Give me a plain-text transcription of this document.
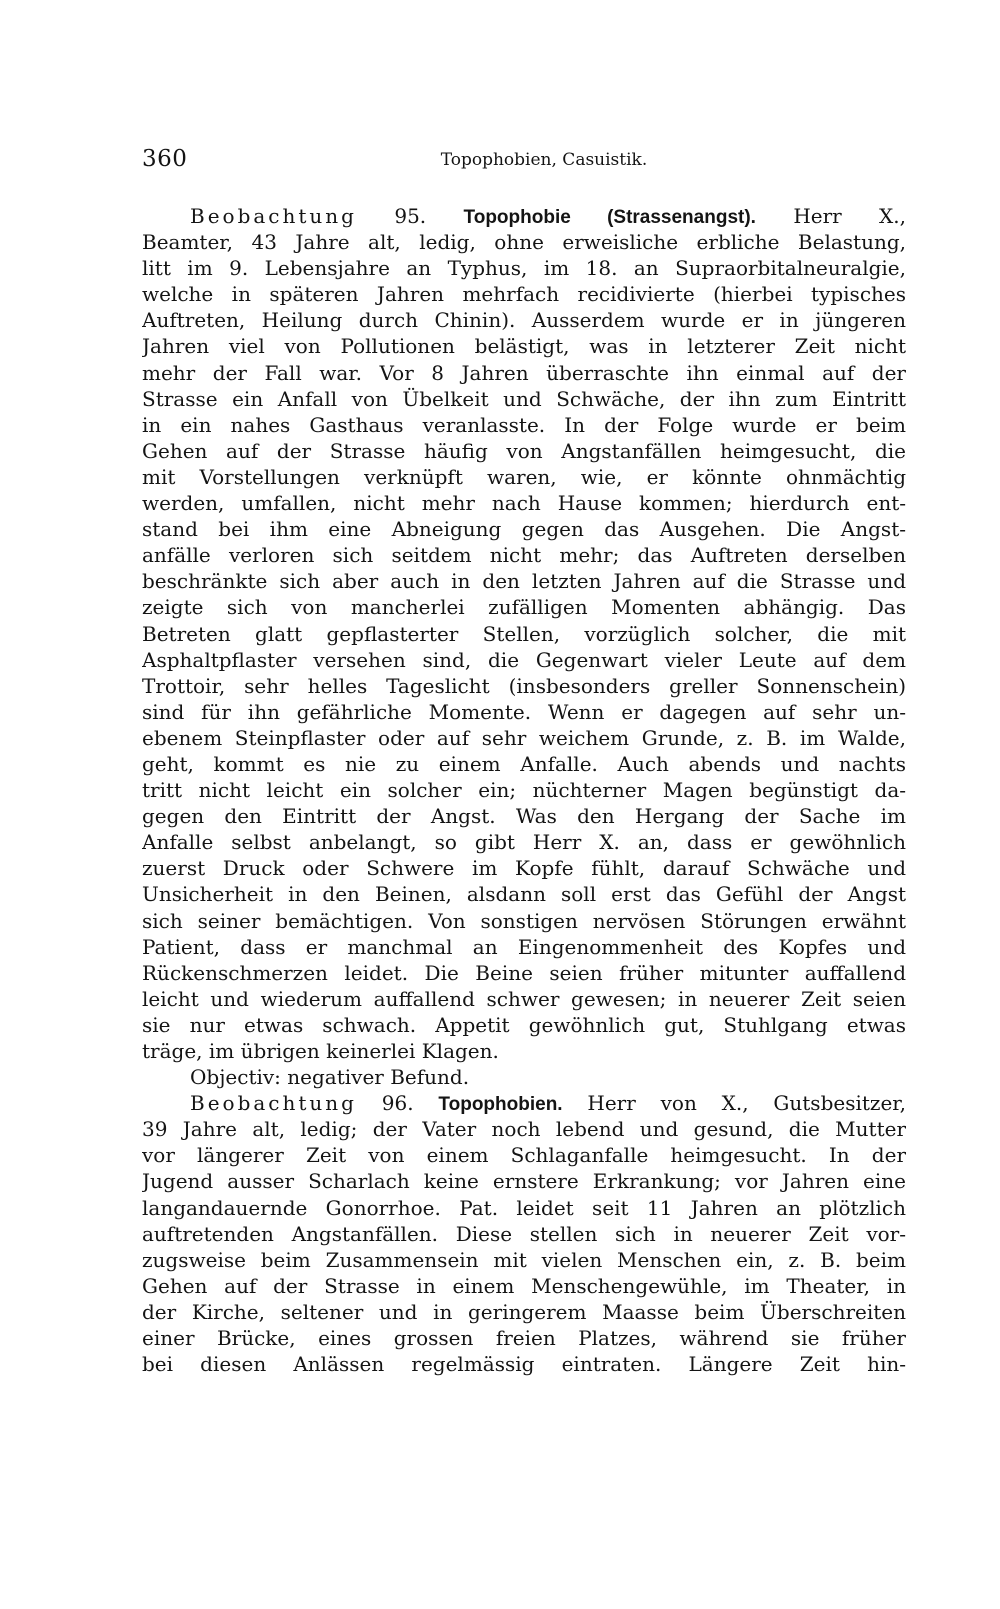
360	Topophobien, Casuistik.
Beobachtung 95. Topophobie (Strassenangst). Herr X.,
Beamter, 43 Jahre alt, ledig, ohne erweisliche erbliche Belastung,
litt im 9. Lebensjahre an Typhus, im 18. an Supraorbitalneuralgie,
welche in späteren Jahren mehrfach recidivierte (hierbei typisches
Auftreten, Heilung durch Chinin). Ausserdem wurde er in jüngeren
Jahren viel von Pollutionen belästigt, was in letzterer Zeit nicht
mehr der Fall war. Vor 8 Jahren überraschte ihn einmal auf der
Strasse ein Anfall von Übelkeit und Schwäche, der ihn zum Eintritt
in ein nahes Gasthaus veranlasste. In der Folge wurde er beim
Gehen auf der Strasse häufig von Angstanfällen heimgesucht, die
mit Vorstellungen verknüpft waren, wie, er könnte ohnmächtig
werden, umfallen, nicht mehr nach Hause kommen; hierdurch ent-
stand bei ihm eine Abneigung gegen das Ausgehen. Die Angst-
anfälle verloren sich seitdem nicht mehr; das Auftreten derselben
beschränkte sich aber auch in den letzten Jahren auf die Strasse und
zeigte sich von mancherlei zufälligen Momenten abhängig. Das
Betreten glatt gepflasterter Stellen, vorzüglich solcher, die mit
Asphaltpflaster versehen sind, die Gegenwart vieler Leute auf dem
Trottoir, sehr helles Tageslicht (insbesonders greller Sonnenschein)
sind für ihn gefährliche Momente. Wenn er dagegen auf sehr un-
ebenem Steinpflaster oder auf sehr weichem Grunde, z. B. im Walde,
geht, kommt es nie zu einem Anfalle. Auch abends und nachts
tritt nicht leicht ein solcher ein; nüchterner Magen begünstigt da-
gegen den Eintritt der Angst. Was den Hergang der Sache im
Anfalle selbst anbelangt, so gibt Herr X. an, dass er gewöhnlich
zuerst Druck oder Schwere im Kopfe fühlt, darauf Schwäche und
Unsicherheit in den Beinen, alsdann soll erst das Gefühl der Angst
sich seiner bemächtigen. Von sonstigen nervösen Störungen erwähnt
Patient, dass er manchmal an Eingenommenheit des Kopfes und
Rückenschmerzen leidet. Die Beine seien früher mitunter auffallend
leicht und wiederum auffallend schwer gewesen; in neuerer Zeit seien
sie nur etwas schwach. Appetit gewöhnlich gut, Stuhlgang etwas
träge, im übrigen keinerlei Klagen.
Objectiv: negativer Befund.
Beobachtung 96. Topophobien. Herr von X., Gutsbesitzer,
39 Jahre alt, ledig; der Vater noch lebend und gesund, die Mutter
vor längerer Zeit von einem Schlaganfalle heimgesucht. In der
Jugend ausser Scharlach keine ernstere Erkrankung; vor Jahren eine
langandauernde Gonorrhoe. Pat. leidet seit 11 Jahren an plötzlich
auftretenden Angstanfällen. Diese stellen sich in neuerer Zeit vor-
zugsweise beim Zusammensein mit vielen Menschen ein, z. B. beim
Gehen auf der Strasse in einem Menschengewühle, im Theater, in
der Kirche, seltener und in geringerem Maasse beim Überschreiten
einer Brücke, eines grossen freien Platzes, während sie früher
bei diesen Anlässen regelmässig eintraten. Längere Zeit hin-
